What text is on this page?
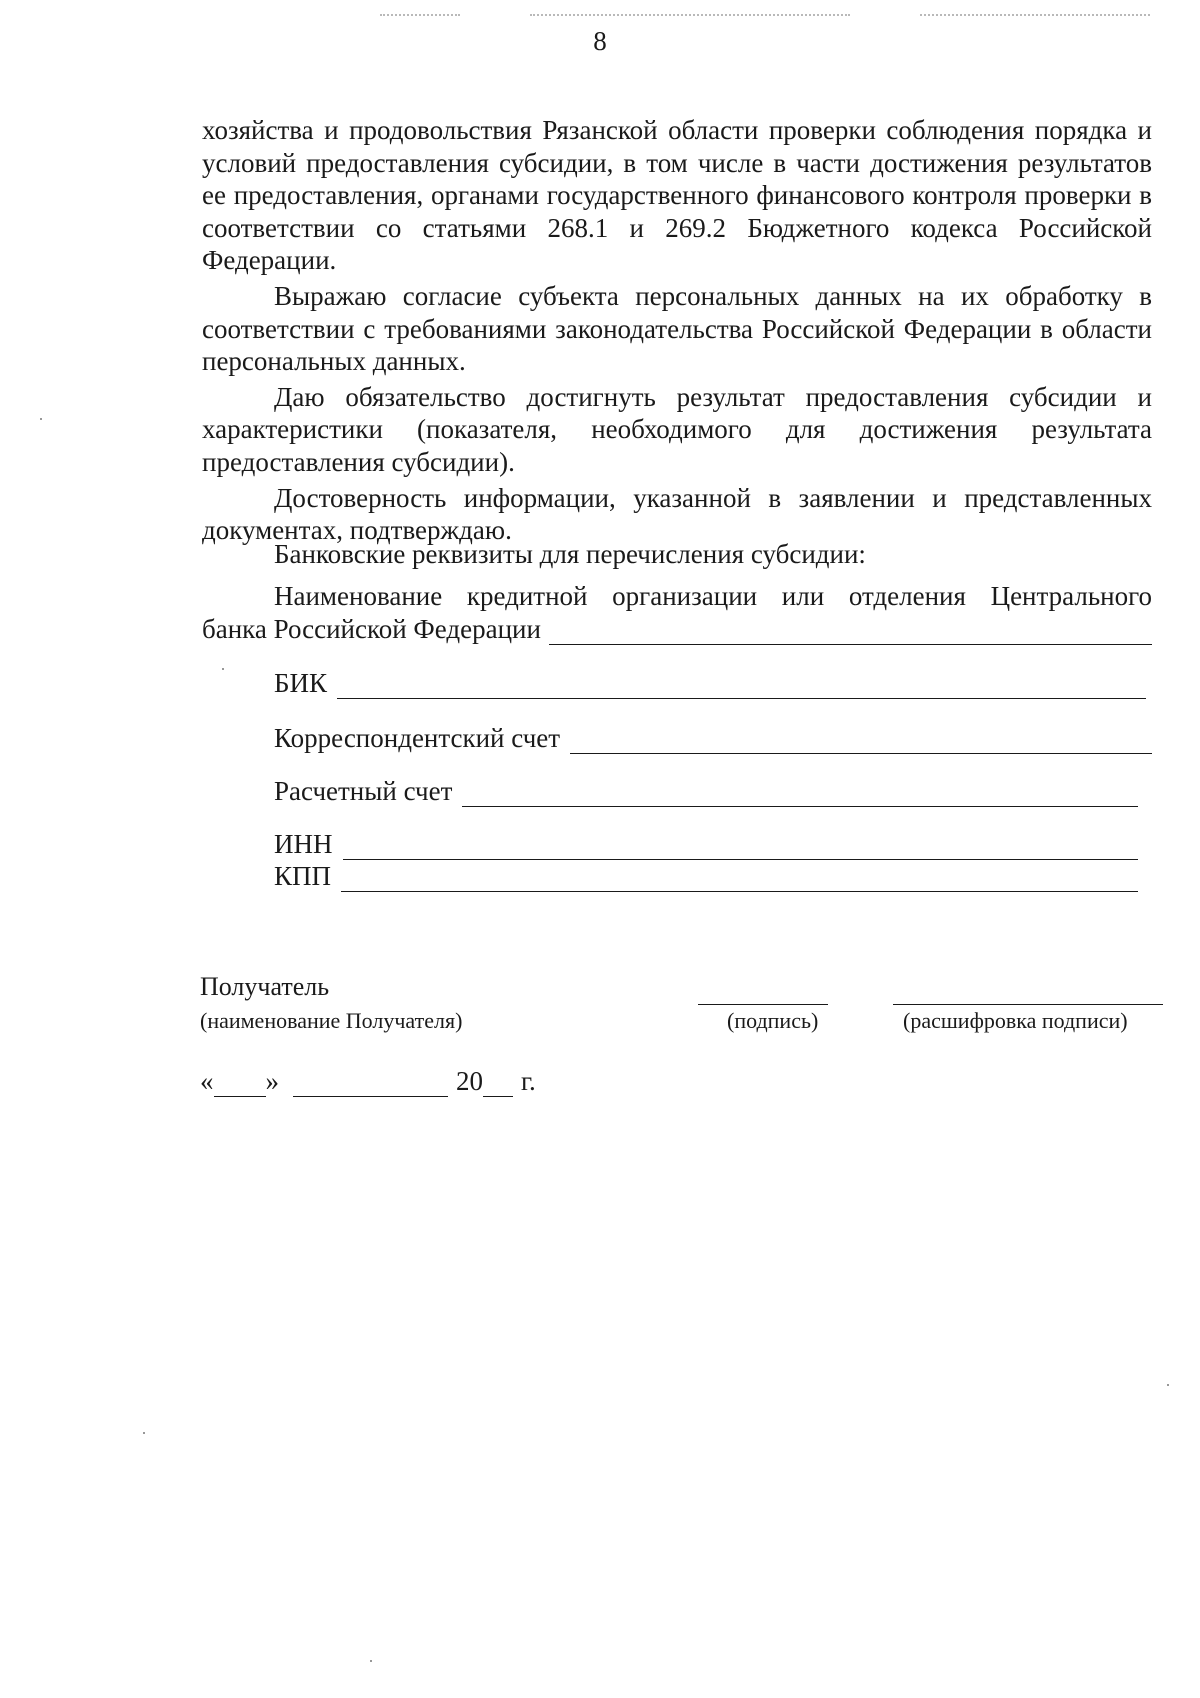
8

хозяйства и продовольствия Рязанской области проверки соблюдения порядка и условий предоставления субсидии, в том числе в части достижения результатов ее предоставления, органами государственного финансового контроля проверки в соответствии со статьями 268.1 и 269.2 Бюджетного кодекса Российской Федерации.

Выражаю согласие субъекта персональных данных на их обработку в соответствии с требованиями законодательства Российской Федерации в области персональных данных.

Даю обязательство достигнуть результат предоставления субсидии и характеристики (показателя, необходимого для достижения результата предоставления субсидии).

Достоверность информации, указанной в заявлении и представленных документах, подтверждаю.

Банковские реквизиты для перечисления субсидии:
Наименование кредитной организации или отделения Центрального
банка Российской Федерации
БИК
Корреспондентский счет
Расчетный счет
ИНН
КПП
Получатель
(наименование Получателя)	(подпись)	(расшифровка подписи)
« »	20 г.
